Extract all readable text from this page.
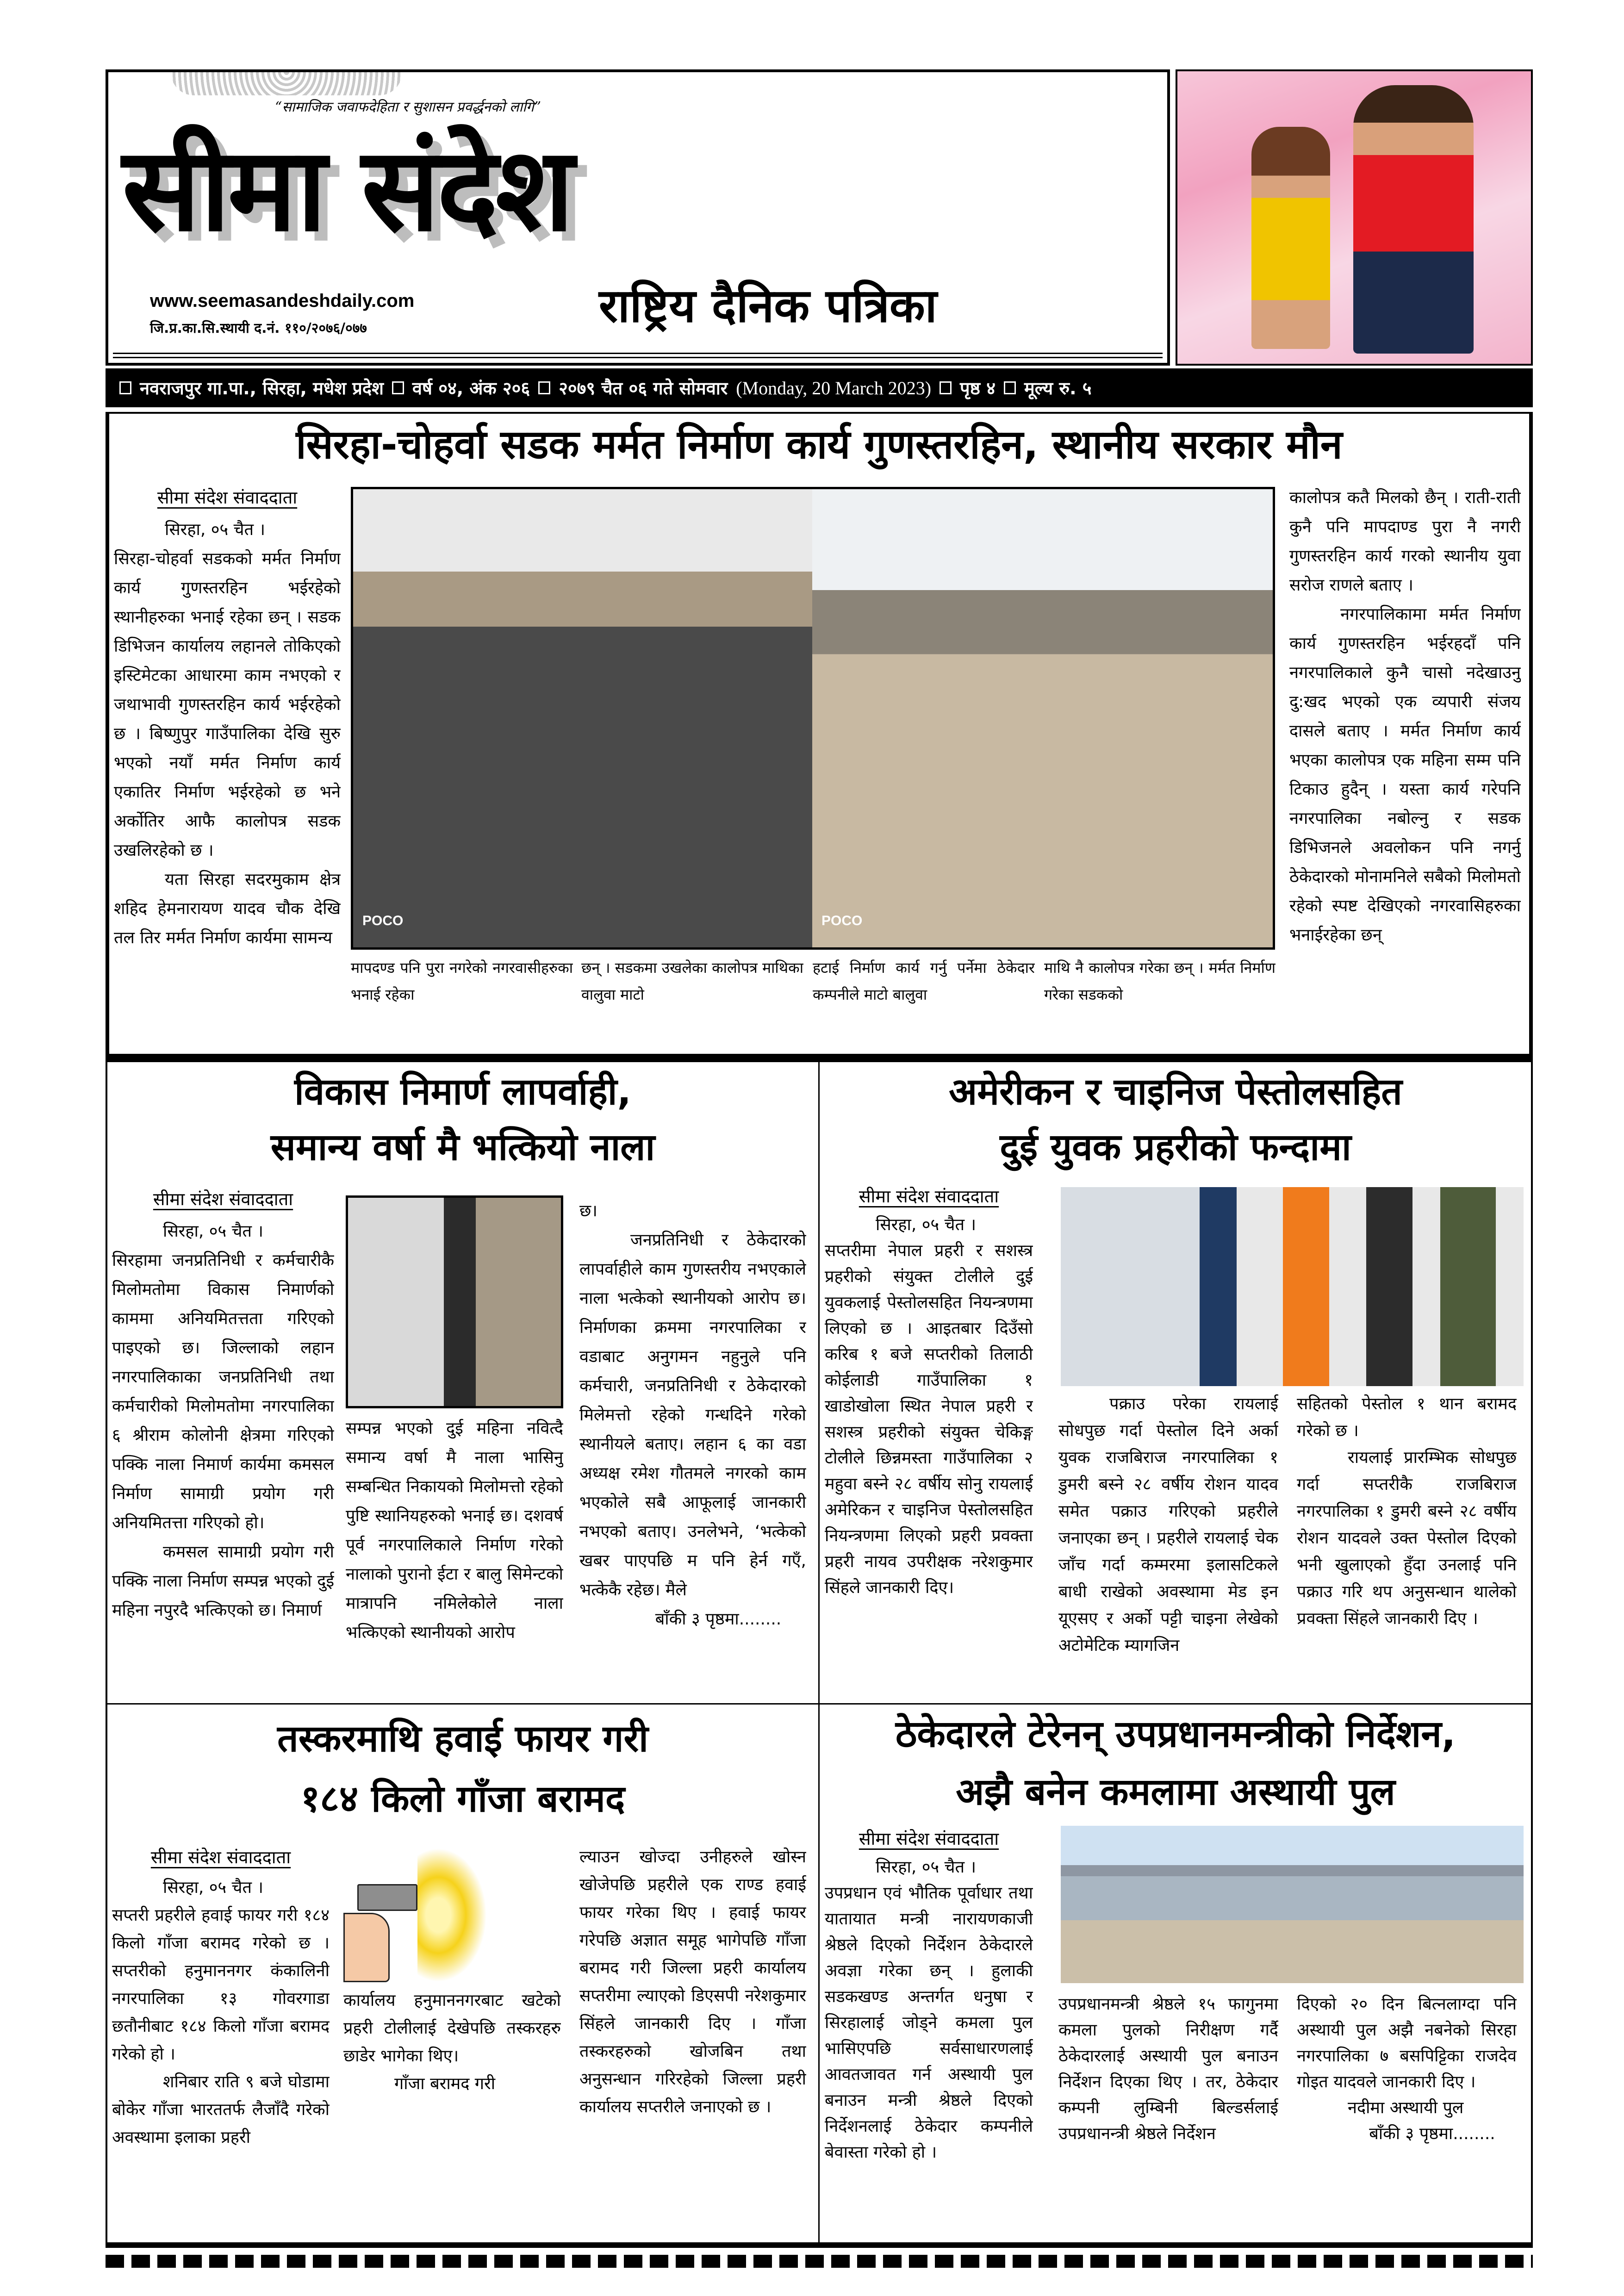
“सामाजिक जवाफदेहिता र सुशासन प्रवर्द्धनको लागि”
सीमा संदेश
www.seemasandeshdaily.com
जि.प्र.का.सि.स्थायी द.नं. ११०/२०७६/०७७	राष्ट्रिय दैनिक पत्रिका
नवराजपुर गा.पा., सिरहा, मधेश प्रदेश वर्ष ०४, अंक २०६ २०७९ चैत ०६ गते सोमवार (Monday, 20 March 2023) पृष्ठ ४ मूल्य रु. ५
सिरहा-चोहर्वा सडक मर्मत निर्माण कार्य गुणस्तरहिन, स्थानीय सरकार मौन
सीमा संदेश संवाददाता
सिरहा, ०५ चैत ।

सिरहा-चोहर्वा सडकको मर्मत निर्माण कार्य गुणस्तरहिन भईरहेको स्थानीहरुका भनाई रहेका छन् । सडक डिभिजन कार्यालय लहानले तोकिएको इस्टिमेटका आधारमा काम नभएको र जथाभावी गुणस्तरहिन कार्य भईरहेको छ । बिष्णुपुर गाउँपालिका देखि सुरु भएको नयाँ मर्मत निर्माण कार्य एकातिर निर्माण भईरहेको छ भने अर्कोतिर आफै कालोपत्र सडक उखलिरहेको छ ।

यता सिरहा सदरमुकाम क्षेत्र शहिद हेमनारायण यादव चौक देखि तल तिर मर्मत निर्माण कार्यमा सामन्य

POCO	POCO
मापदण्ड पनि पुरा नगरेको नगरवासीहरुका भनाई रहेका
छन् । सडकमा उखलेका कालोपत्र माथिका वालुवा माटो
हटाई निर्माण कार्य गर्नु पर्नेमा ठेकेदार कम्पनीले माटो बालुवा
माथि नै कालोपत्र गरेका छन् । मर्मत निर्माण गरेका सडकको

कालोपत्र कतै मिलको छैन् । राती-राती कुनै पनि मापदाण्ड पुरा नै नगरी गुणस्तरहिन कार्य गरको स्थानीय युवा सरोज राणले बताए ।

नगरपालिकामा मर्मत निर्माण कार्य गुणस्तरहिन भईरहदाँ पनि नगरपालिकाले कुनै चासो नदेखाउनु दु:खद भएको एक व्यपारी संजय दासले बताए । मर्मत निर्माण कार्य भएका कालोपत्र एक महिना सम्म पनि टिकाउ हुदैन् । यस्ता कार्य गरेपनि नगरपालिका नबोल्नु र सडक डिभिजनले अवलोकन पनि नगर्नु ठेकेदारको मोनामनिले सबैको मिलोमतो रहेको स्पष्ट देखिएको नगरवासिहरुका भनाईरहेका छन्

विकास निमार्ण लापर्वाही,
समान्य वर्षा मै भत्कियो नाला
सीमा संदेश संवाददाता
सिरहा, ०५ चैत ।

सिरहामा जनप्रतिनिधी र कर्मचारीकै मिलोमतोमा विकास निमार्णको काममा अनियमितत्तता गरिएको पाइएको छ। जिल्लाको लहान नगरपालिकाका जनप्रतिनिधी तथा कर्मचारीको मिलोमतोमा नगरपालिका ६ श्रीराम कोलोनी क्षेत्रमा गरिएको पक्कि नाला निमार्ण कार्यमा कमसल निर्माण सामाग्री प्रयोग गरी अनियमितत्ता गरिएको हो।

कमसल सामाग्री प्रयोग गरी पक्कि नाला निर्माण सम्पन्न भएको दुई महिना नपुरदै भत्किएको छ। निमार्ण

सम्पन्न भएको दुई महिना नवित्दै समान्य वर्षा मै नाला भासिनु सम्बन्धित निकायको मिलोमत्तो रहेको पुष्टि स्थानियहरुको भनाई छ। दशवर्ष पूर्व नगरपालिकाले निर्माण गरेको नालाको पुरानो ईटा र बालु सिमेन्टको मात्रापनि नमिलेकोले नाला भत्किएको स्थानीयको आरोप

छ।

जनप्रतिनिधी र ठेकेदारको लापर्वाहीले काम गुणस्तरीय नभएकाले नाला भत्केको स्थानीयको आरोप छ। निर्माणका क्रममा नगरपालिका र वडाबाट अनुगमन नहुनुले पनि कर्मचारी, जनप्रतिनिधी र ठेकेदारको मिलेमत्तो रहेको गन्धदिने गरेको स्थानीयले बताए। लहान ६ का वडा अध्यक्ष रमेश गौतमले नगरको काम भएकोले सबै आफूलाई जानकारी नभएको बताए। उनलेभने, ‘भत्केको खबर पाएपछि म पनि हेर्न गएँ, भत्केकै रहेछ। मैले

बाँकी ३ पृष्ठमा........

अमेरीकन र चाइनिज पेस्तोलसहित
दुई युवक प्रहरीको फन्दामा
सीमा संदेश संवाददाता
सिरहा, ०५ चैत ।

सप्तरीमा नेपाल प्रहरी र सशस्त्र प्रहरीको संयुक्त टोलीले दुई युवकलाई पेस्तोलसहित नियन्त्रणमा लिएको छ । आइतबार दिउँसो करिब १ बजे सप्तरीको तिलाठी कोईलाडी गाउँपालिका १ खाडोखोला स्थित नेपाल प्रहरी र सशस्त्र प्रहरीको संयुक्त चेकिङ्ग टोलीले छिन्नमस्ता गाउँपालिका २ महुवा बस्ने २८ वर्षीय सोनु रायलाई अमेरिकन र चाइनिज पेस्तोलसहित नियन्त्रणमा लिएको प्रहरी प्रवक्ता प्रहरी नायव उपरीक्षक नरेशकुमार सिंहले जानकारी दिए।

पक्राउ परेका रायलाई सोधपुछ गर्दा पेस्तोल दिने अर्का युवक राजबिराज नगरपालिका १ डुमरी बस्ने २८ वर्षीय रोशन यादव समेत पक्राउ गरिएको प्रहरीले जनाएका छन् । प्रहरीले रायलाई चेक जाँच गर्दा कम्मरमा इलासटिकले बाधी राखेको अवस्थामा मेड इन यूएसए र अर्को पट्टी चाइना लेखेको अटोमेटिक म्यागजिन

सहितको पेस्तोल १ थान बरामद गरेको छ ।

रायलाई प्रारम्भिक सोधपुछ गर्दा सप्तरीकै राजबिराज नगरपालिका १ डुमरी बस्ने २८ वर्षीय रोशन यादवले उक्त पेस्तोल दिएको भनी खुलाएको हुँदा उनलाई पनि पक्राउ गरि थप अनुसन्धान थालेको प्रवक्ता सिंहले जानकारी दिए ।

तस्करमाथि हवाई फायर गरी
१८४ किलो गाँजा बरामद
सीमा संदेश संवाददाता
सिरहा, ०५ चैत ।

सप्तरी प्रहरीले हवाई फायर गरी १८४ किलो गाँजा बरामद गरेको छ । सप्तरीको हनुमाननगर कंकालिनी नगरपालिका १३ गोवरगाडा छतौनीबाट १८४ किलो गाँजा बरामद गरेको हो ।

शनिबार राति ९ बजे घोडामा बोकेर गाँजा भारततर्फ लैजाँदै गरेको अवस्थामा इलाका प्रहरी

कार्यालय हनुमाननगरबाट खटेको प्रहरी टोलीलाई देखेपछि तस्करहरु छाडेर भागेका थिए।

गाँजा बरामद गरी

ल्याउन खोज्दा उनीहरुले खोस्न खोजेपछि प्रहरीले एक राण्ड हवाई फायर गरेका थिए । हवाई फायर गरेपछि अज्ञात समूह भागेपछि गाँजा बरामद गरी जिल्ला प्रहरी कार्यालय सप्तरीमा ल्याएको डिएसपी नरेशकुमार सिंहले जानकारी दिए । गाँजा तस्करहरुको खोजबिन तथा अनुसन्धान गरिरहेको जिल्ला प्रहरी कार्यालय सप्तरीले जनाएको छ ।

ठेकेदारले टेरेनन् उपप्रधानमन्त्रीको निर्देशन,
अझै बनेन कमलामा अस्थायी पुल
सीमा संदेश संवाददाता
सिरहा, ०५ चैत ।

उपप्रधान एवं भौतिक पूर्वाधार तथा यातायात मन्त्री नारायणकाजी श्रेष्ठले दिएको निर्देशन ठेकेदारले अवज्ञा गरेका छन् । हुलाकी सडकखण्ड अन्तर्गत धनुषा र सिरहालाई जोड्ने कमला पुल भासिएपछि सर्वसाधारणलाई आवतजावत गर्न अस्थायी पुल बनाउन मन्त्री श्रेष्ठले दिएको निर्देशनलाई ठेकेदार कम्पनीले बेवास्ता गरेको हो ।

उपप्रधानमन्त्री श्रेष्ठले १५ फागुनमा कमला पुलको निरीक्षण गर्दै ठेकेदारलाई अस्थायी पुल बनाउन निर्देशन दिएका थिए । तर, ठेकेदार कम्पनी लुम्बिनी बिल्डर्सलाई उपप्रधानन्त्री श्रेष्ठले निर्देशन

दिएको २० दिन बित्नलाग्दा पनि अस्थायी पुल अझै नबनेको सिरहा नगरपालिका ७ बसपिट्टिका राजदेव गोइत यादवले जानकारी दिए ।

नदीमा अस्थायी पुल

बाँकी ३ पृष्ठमा........
